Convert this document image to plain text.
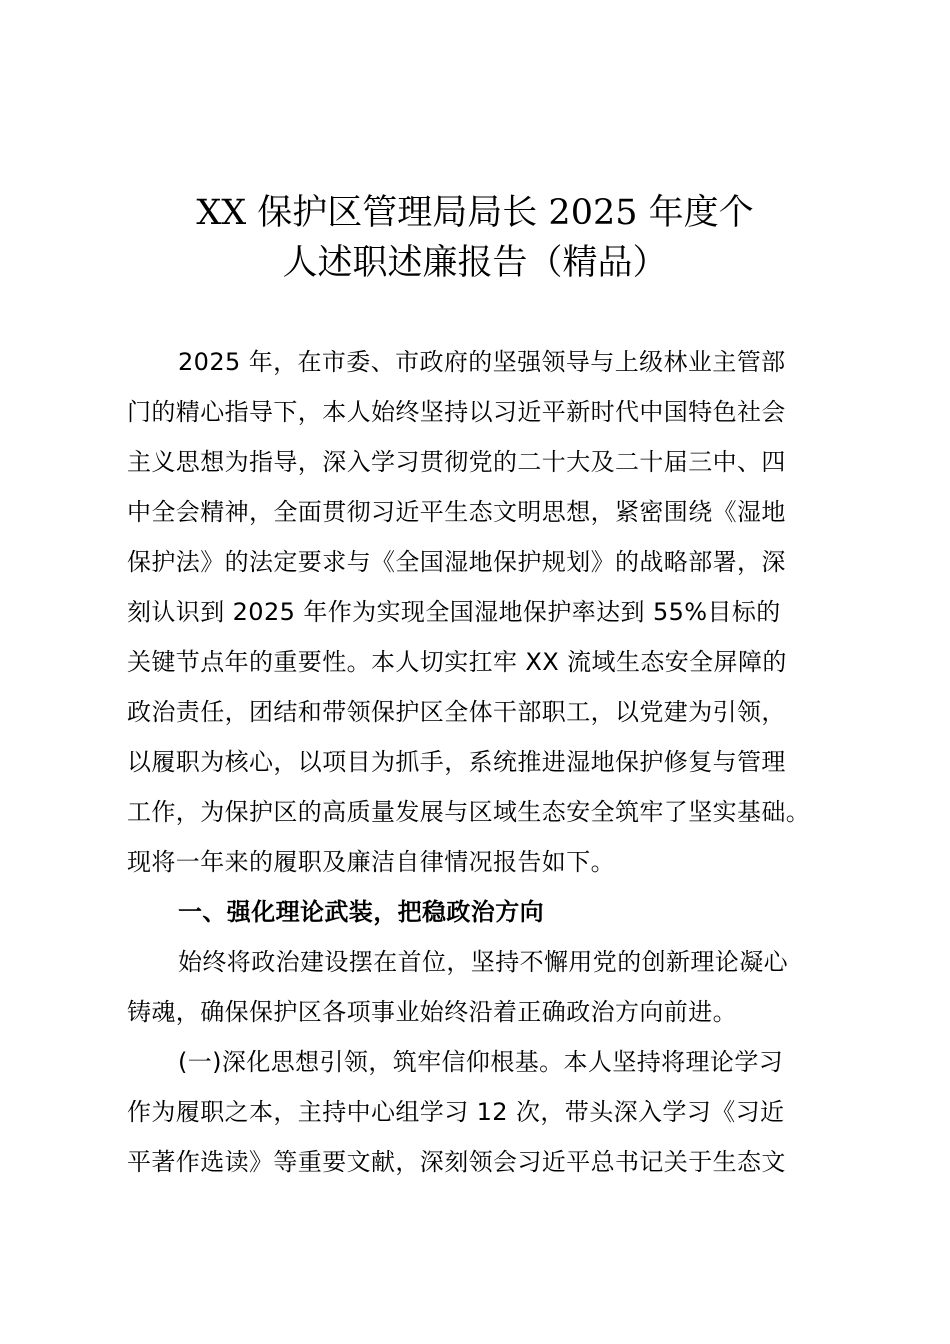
XX 保护区管理局局长 2025 年度个
人述职述廉报告（精品）
2025 年，在市委、市政府的坚强领导与上级林业主管部
门的精心指导下，本人始终坚持以习近平新时代中国特色社会
主义思想为指导，深入学习贯彻党的二十大及二十届三中、四
中全会精神，全面贯彻习近平生态文明思想，紧密围绕《湿地
保护法》的法定要求与《全国湿地保护规划》的战略部署，深
刻认识到 2025 年作为实现全国湿地保护率达到 55%目标的
关键节点年的重要性。本人切实扛牢 XX 流域生态安全屏障的
政治责任，团结和带领保护区全体干部职工，以党建为引领，
以履职为核心，以项目为抓手，系统推进湿地保护修复与管理
工作，为保护区的高质量发展与区域生态安全筑牢了坚实基础。
现将一年来的履职及廉洁自律情况报告如下。
一、强化理论武装，把稳政治方向
始终将政治建设摆在首位，坚持不懈用党的创新理论凝心
铸魂，确保保护区各项事业始终沿着正确政治方向前进。
(一)深化思想引领，筑牢信仰根基。本人坚持将理论学习
作为履职之本，主持中心组学习 12 次，带头深入学习《习近
平著作选读》等重要文献，深刻领会习近平总书记关于生态文
